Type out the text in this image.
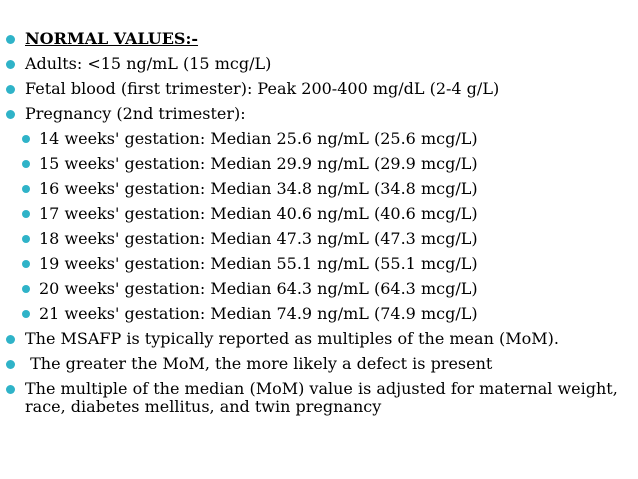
NORMAL VALUES:-
Adults: <15 ng/mL (15 mcg/L)
Fetal blood (first trimester): Peak 200-400 mg/dL (2-4 g/L)
Pregnancy (2nd trimester):
14 weeks' gestation: Median 25.6 ng/mL (25.6 mcg/L)
15 weeks' gestation: Median 29.9 ng/mL (29.9 mcg/L)
16 weeks' gestation: Median 34.8 ng/mL (34.8 mcg/L)
17 weeks' gestation: Median 40.6 ng/mL (40.6 mcg/L)
18 weeks' gestation: Median 47.3 ng/mL (47.3 mcg/L)
19 weeks' gestation: Median 55.1 ng/mL (55.1 mcg/L)
20 weeks' gestation: Median 64.3 ng/mL (64.3 mcg/L)
21 weeks' gestation: Median 74.9 ng/mL (74.9 mcg/L)
The MSAFP is typically reported as multiples of the mean (MoM).
The greater the MoM, the more likely a defect is present
The multiple of the median (MoM) value is adjusted for maternal weight, race, diabetes mellitus, and twin pregnancy
